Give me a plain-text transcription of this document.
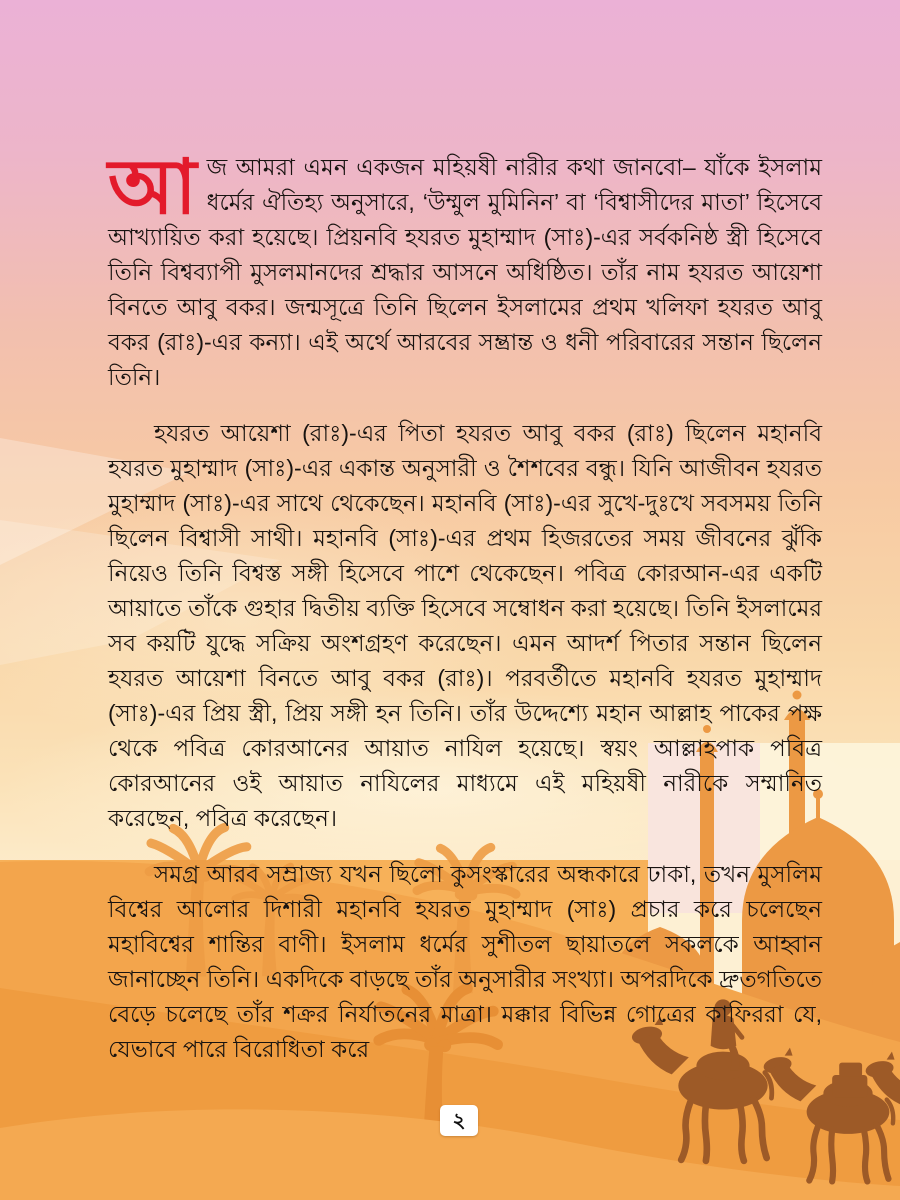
আজ আমরা এমন একজন মহিয়ষী নারীর কথা জানবো– যাঁকে ইসলাম ধর্মের ঐতিহ্য অনুসারে, ‘উম্মুল মুমিনিন’ বা ‘বিশ্বাসীদের মাতা’ হিসেবে আখ্যায়িত করা হয়েছে। প্রিয়নবি হযরত মুহাম্মাদ (সাঃ)-এর সর্বকনিষ্ঠ স্ত্রী হিসেবে তিনি বিশ্বব্যাপী মুসলমানদের শ্রদ্ধার আসনে অধিষ্ঠিত। তাঁর নাম হযরত আয়েশা বিনতে আবু বকর। জন্মসূত্রে তিনি ছিলেন ইসলামের প্রথম খলিফা হযরত আবু বকর (রাঃ)-এর কন্যা। এই অর্থে আরবের সম্ভ্রান্ত ও ধনী পরিবারের সন্তান ছিলেন তিনি।

হযরত আয়েশা (রাঃ)-এর পিতা হযরত আবু বকর (রাঃ) ছিলেন মহানবি হযরত মুহাম্মাদ (সাঃ)-এর একান্ত অনুসারী ও শৈশবের বন্ধু। যিনি আজীবন হযরত মুহাম্মাদ (সাঃ)-এর সাথে থেকেছেন। মহানবি (সাঃ)-এর সুখে-দুঃখে সবসময় তিনি ছিলেন বিশ্বাসী সাথী। মহানবি (সাঃ)-এর প্রথম হিজরতের সময় জীবনের ঝুঁকি নিয়েও তিনি বিশ্বস্ত সঙ্গী হিসেবে পাশে থেকেছেন। পবিত্র কোরআন-এর একটি আয়াতে তাঁকে গুহার দ্বিতীয় ব্যক্তি হিসেবে সম্বোধন করা হয়েছে। তিনি ইসলামের সব কয়টি যুদ্ধে সক্রিয় অংশগ্রহণ করেছেন। এমন আদর্শ পিতার সন্তান ছিলেন হযরত আয়েশা বিনতে আবু বকর (রাঃ)। পরবর্তীতে মহানবি হযরত মুহাম্মাদ (সাঃ)-এর প্রিয় স্ত্রী, প্রিয় সঙ্গী হন তিনি। তাঁর উদ্দেশ্যে মহান আল্লাহ পাকের পক্ষ থেকে পবিত্র কোরআনের আয়াত নাযিল হয়েছে। স্বয়ং আল্লাহপাক পবিত্র কোরআনের ওই আয়াত নাযিলের মাধ্যমে এই মহিয়ষী নারীকে সম্মানিত করেছেন, পবিত্র করেছেন।

সমগ্র আরব সম্রাজ্য যখন ছিলো কুসংস্কারের অন্ধকারে ঢাকা, তখন মুসলিম বিশ্বের আলোর দিশারী মহানবি হযরত মুহাম্মাদ (সাঃ) প্রচার করে চলেছেন মহাবিশ্বের শান্তির বাণী। ইসলাম ধর্মের সুশীতল ছায়াতলে সকলকে আহ্বান জানাচ্ছেন তিনি। একদিকে বাড়ছে তাঁর অনুসারীর সংখ্যা। অপরদিকে দ্রুতগতিতে বেড়ে চলেছে তাঁর শক্রর নির্যাতনের মাত্রা। মক্কার বিভিন্ন গোত্রের কাফিররা যে, যেভাবে পারে বিরোধিতা করে

২
